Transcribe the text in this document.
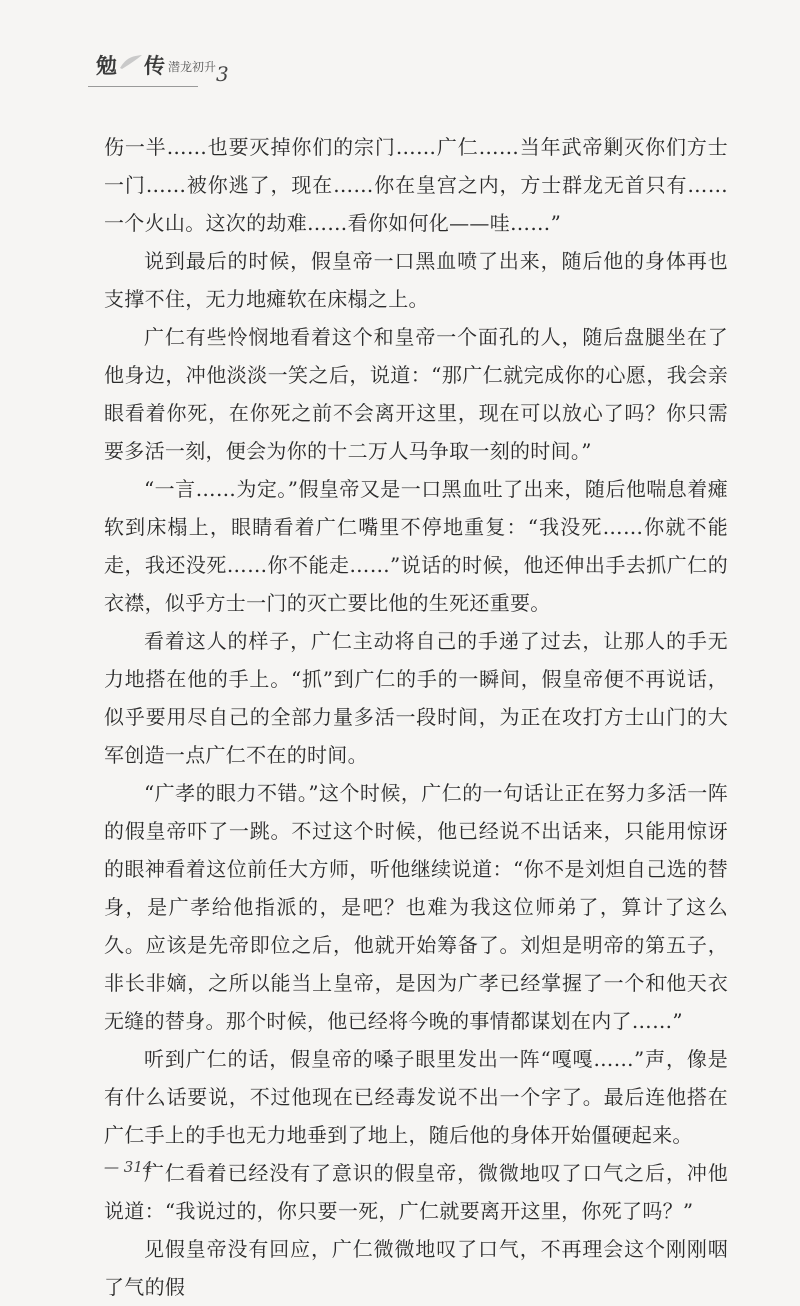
勉 传 潜龙初升 3

伤一半……也要灭掉你们的宗门……广仁……当年武帝剿灭你们方士一门……被你逃了，现在……你在皇宫之内，方士群龙无首只有……一个火山。这次的劫难……看你如何化——哇……”

说到最后的时候，假皇帝一口黑血喷了出来，随后他的身体再也支撑不住，无力地瘫软在床榻之上。

广仁有些怜悯地看着这个和皇帝一个面孔的人，随后盘腿坐在了他身边，冲他淡淡一笑之后，说道：“那广仁就完成你的心愿，我会亲眼看着你死，在你死之前不会离开这里，现在可以放心了吗？你只需要多活一刻，便会为你的十二万人马争取一刻的时间。”

“一言……为定。”假皇帝又是一口黑血吐了出来，随后他喘息着瘫软到床榻上，眼睛看着广仁嘴里不停地重复：“我没死……你就不能走，我还没死……你不能走……”说话的时候，他还伸出手去抓广仁的衣襟，似乎方士一门的灭亡要比他的生死还重要。

看着这人的样子，广仁主动将自己的手递了过去，让那人的手无力地搭在他的手上。“抓”到广仁的手的一瞬间，假皇帝便不再说话，似乎要用尽自己的全部力量多活一段时间，为正在攻打方士山门的大军创造一点广仁不在的时间。

“广孝的眼力不错。”这个时候，广仁的一句话让正在努力多活一阵的假皇帝吓了一跳。不过这个时候，他已经说不出话来，只能用惊讶的眼神看着这位前任大方师，听他继续说道：“你不是刘炟自己选的替身，是广孝给他指派的，是吧？也难为我这位师弟了，算计了这么久。应该是先帝即位之后，他就开始筹备了。刘炟是明帝的第五子，非长非嫡，之所以能当上皇帝，是因为广孝已经掌握了一个和他天衣无缝的替身。那个时候，他已经将今晚的事情都谋划在内了……”

听到广仁的话，假皇帝的嗓子眼里发出一阵“嘎嘎……”声，像是有什么话要说，不过他现在已经毒发说不出一个字了。最后连他搭在广仁手上的手也无力地垂到了地上，随后他的身体开始僵硬起来。

广仁看着已经没有了意识的假皇帝，微微地叹了口气之后，冲他说道：“我说过的，你只要一死，广仁就要离开这里，你死了吗？”

见假皇帝没有回应，广仁微微地叹了口气，不再理会这个刚刚咽了气的假

— 314
